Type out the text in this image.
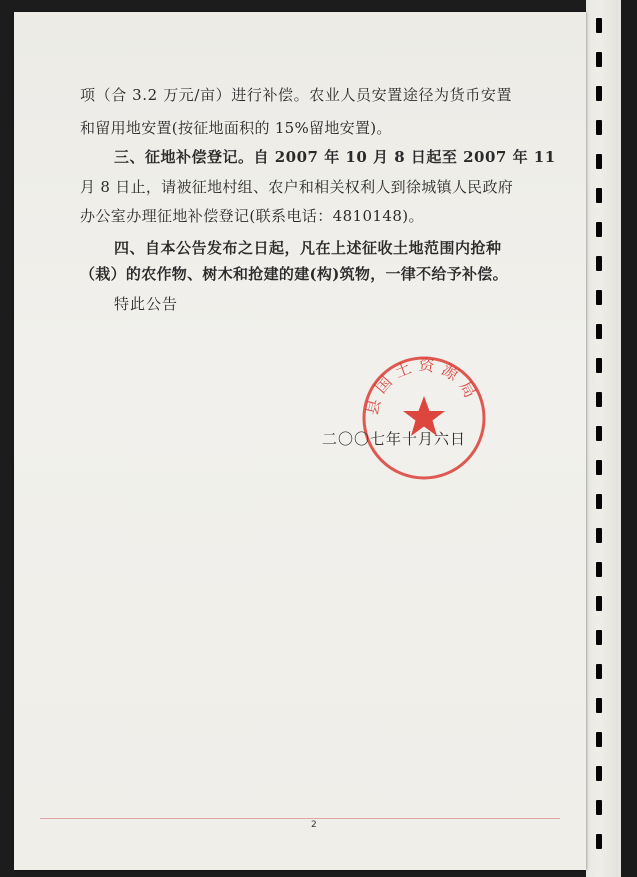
项（合 3.2 万元/亩）进行补偿。农业人员安置途径为货币安置
和留用地安置(按征地面积的 15%留地安置)。
三、征地补偿登记。自 2007 年 10 月 8 日起至 2007 年 11
月 8 日止，请被征地村组、农户和相关权利人到徐城镇人民政府
办公室办理征地补偿登记(联系电话：4810148)。
四、自本公告发布之日起，凡在上述征收土地范围内抢种
（栽）的农作物、树木和抢建的建(构)筑物，一律不给予补偿。
特此公告
县国土资源局
二〇〇七年十月六日
2
